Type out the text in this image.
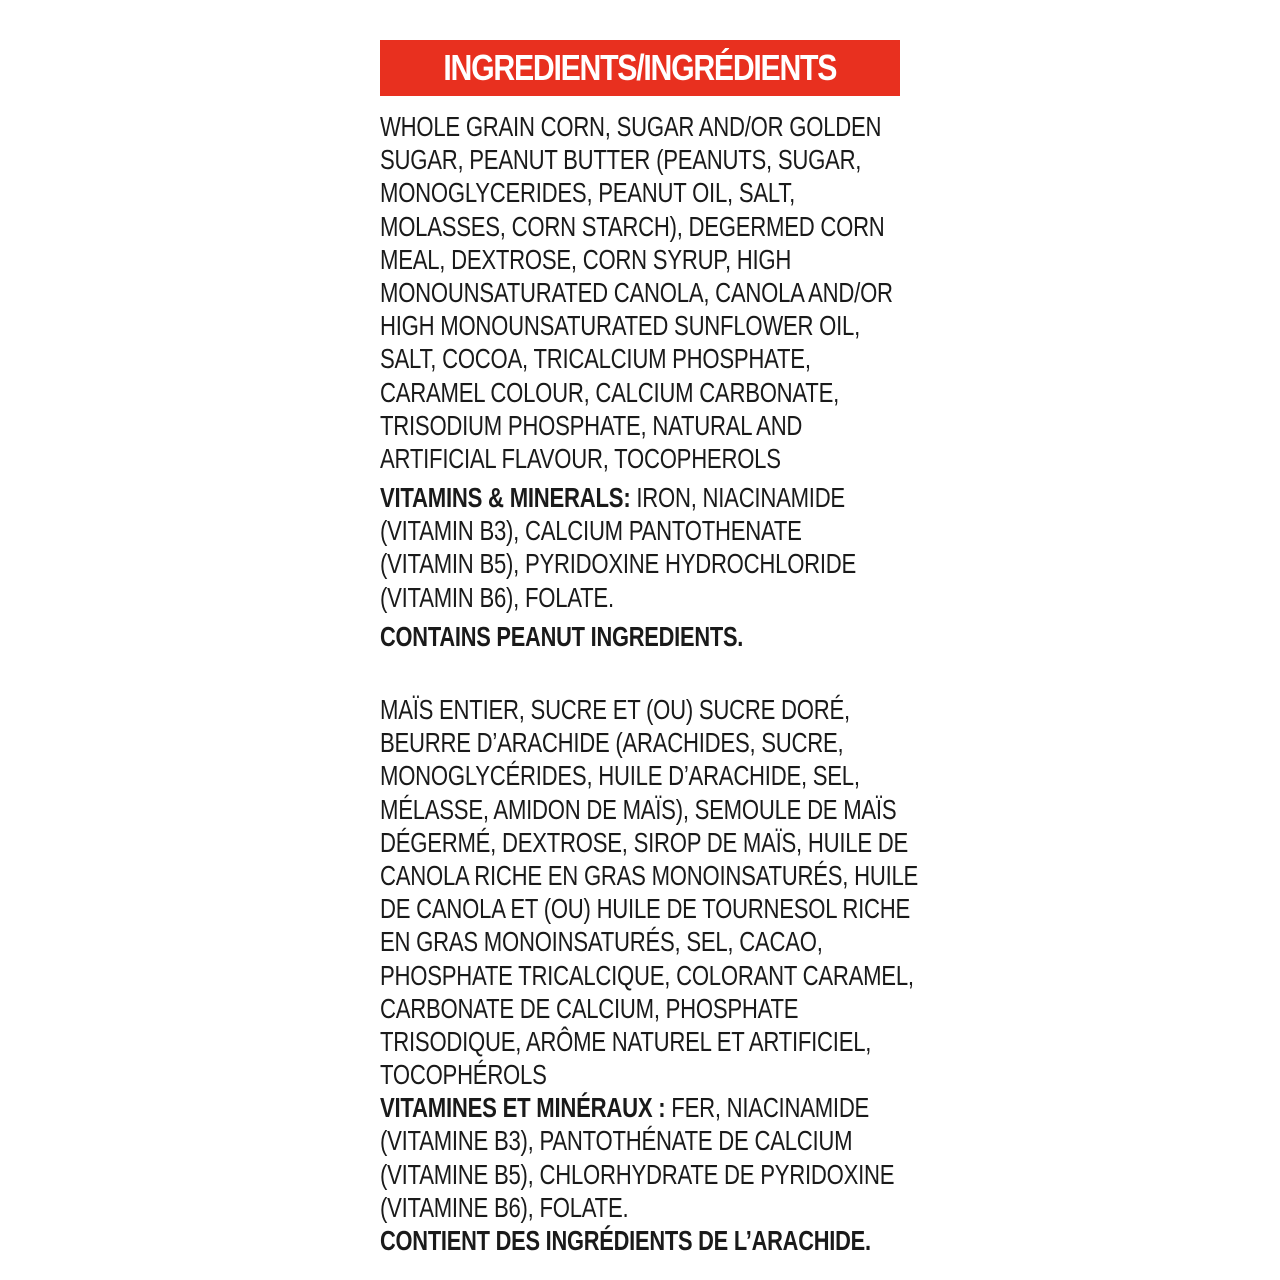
INGREDIENTS/INGRÉDIENTS
WHOLE GRAIN CORN, SUGAR AND/OR GOLDEN
SUGAR, PEANUT BUTTER (PEANUTS, SUGAR,
MONOGLYCERIDES, PEANUT OIL, SALT,
MOLASSES, CORN STARCH), DEGERMED CORN
MEAL, DEXTROSE, CORN SYRUP, HIGH
MONOUNSATURATED CANOLA, CANOLA AND/OR
HIGH MONOUNSATURATED SUNFLOWER OIL,
SALT, COCOA, TRICALCIUM PHOSPHATE,
CARAMEL COLOUR, CALCIUM CARBONATE,
TRISODIUM PHOSPHATE, NATURAL AND
ARTIFICIAL FLAVOUR, TOCOPHEROLS
VITAMINS & MINERALS: IRON, NIACINAMIDE
(VITAMIN B3), CALCIUM PANTOTHENATE
(VITAMIN B5), PYRIDOXINE HYDROCHLORIDE
(VITAMIN B6), FOLATE.
CONTAINS PEANUT INGREDIENTS.
MAÏS ENTIER, SUCRE ET (OU) SUCRE DORÉ,
BEURRE D’ARACHIDE (ARACHIDES, SUCRE,
MONOGLYCÉRIDES, HUILE D’ARACHIDE, SEL,
MÉLASSE, AMIDON DE MAÏS), SEMOULE DE MAÏS
DÉGERMÉ, DEXTROSE, SIROP DE MAÏS, HUILE DE
CANOLA RICHE EN GRAS MONOINSATURÉS, HUILE
DE CANOLA ET (OU) HUILE DE TOURNESOL RICHE
EN GRAS MONOINSATURÉS, SEL, CACAO,
PHOSPHATE TRICALCIQUE, COLORANT CARAMEL,
CARBONATE DE CALCIUM, PHOSPHATE
TRISODIQUE, ARÔME NATUREL ET ARTIFICIEL,
TOCOPHÉROLS
VITAMINES ET MINÉRAUX : FER, NIACINAMIDE
(VITAMINE B3), PANTOTHÉNATE DE CALCIUM
(VITAMINE B5), CHLORHYDRATE DE PYRIDOXINE
(VITAMINE B6), FOLATE.
CONTIENT DES INGRÉDIENTS DE L’ARACHIDE.
